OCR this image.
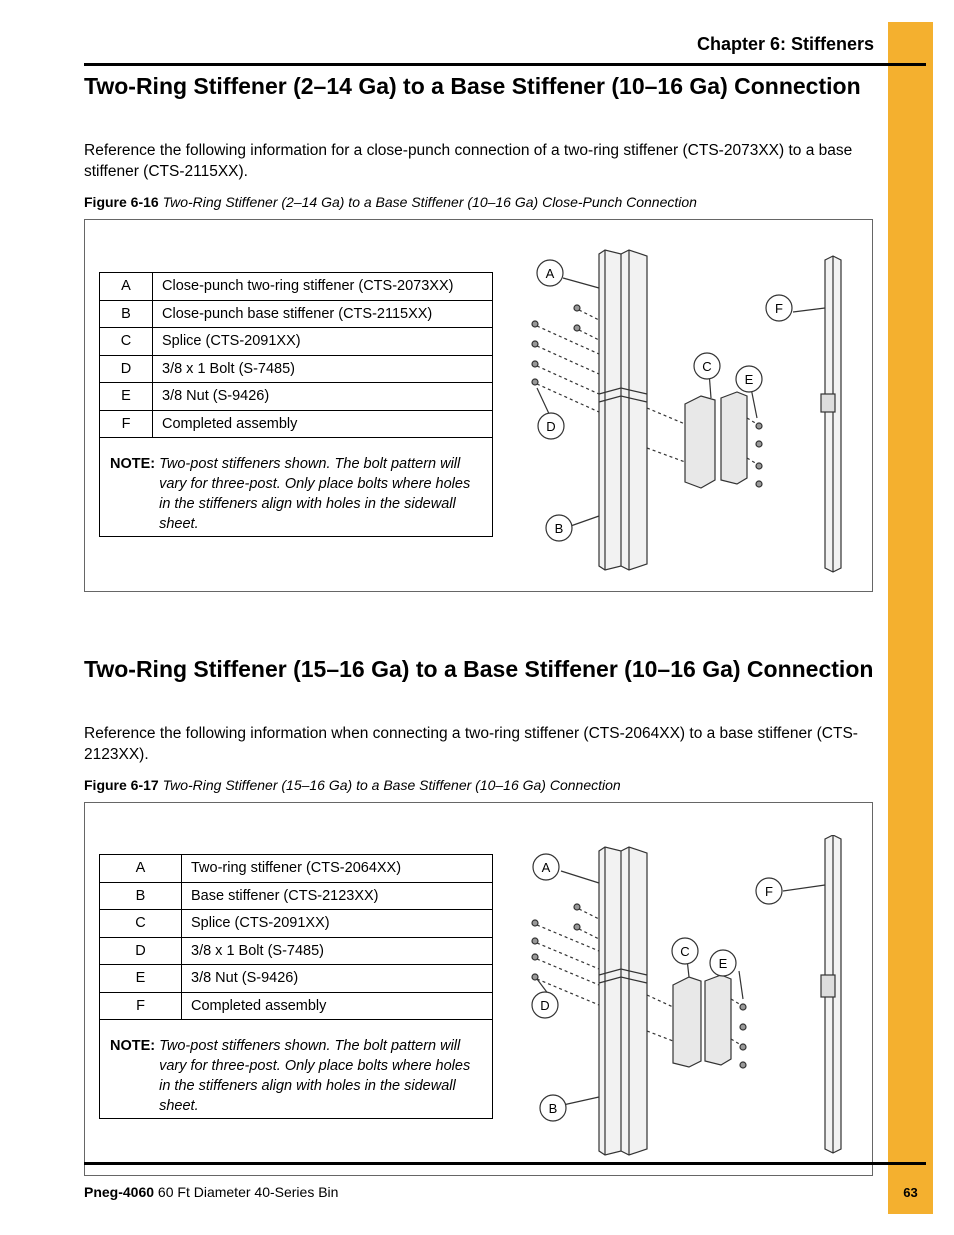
63
Chapter 6: Stiffeners
Two-Ring Stiffener (2–14 Ga) to a Base Stiffener (10–16 Ga) Connection

Reference the following information for a close-punch connection of a two-ring stiffener (CTS-2073XX) to a base stiffener (CTS-2115XX).

Figure 6-16 Two-Ring Stiffener (2–14 Ga) to a Base Stiffener (10–16 Ga) Close-Punch Connection

A	Close-punch two-ring stiffener (CTS-2073XX)
B	Close-punch base stiffener (CTS-2115XX)
C	Splice (CTS-2091XX)
D	3/8 x 1 Bolt (S-7485)
E	3/8 Nut (S-9426)
F	Completed assembly

NOTE: Two-post stiffeners shown. The bolt pattern will vary for three-post. Only place bolts where holes in the stiffeners align with holes in the sidewall sheet.	
A
D
B
C
E
F
Two-Ring Stiffener (15–16 Ga) to a Base Stiffener (10–16 Ga) Connection

Reference the following information when connecting a two-ring stiffener (CTS-2064XX) to a base stiffener (CTS-2123XX).

Figure 6-17 Two-Ring Stiffener (15–16 Ga) to a Base Stiffener (10–16 Ga) Connection

A	Two-ring stiffener (CTS-2064XX)
B	Base stiffener (CTS-2123XX)
C	Splice (CTS-2091XX)
D	3/8 x 1 Bolt (S-7485)
E	3/8 Nut (S-9426)
F	Completed assembly

NOTE: Two-post stiffeners shown. The bolt pattern will vary for three-post. Only place bolts where holes in the stiffeners align with holes in the sidewall sheet.	
A
D
B
C
E
F
Pneg-4060 60 Ft Diameter 40-Series Bin
